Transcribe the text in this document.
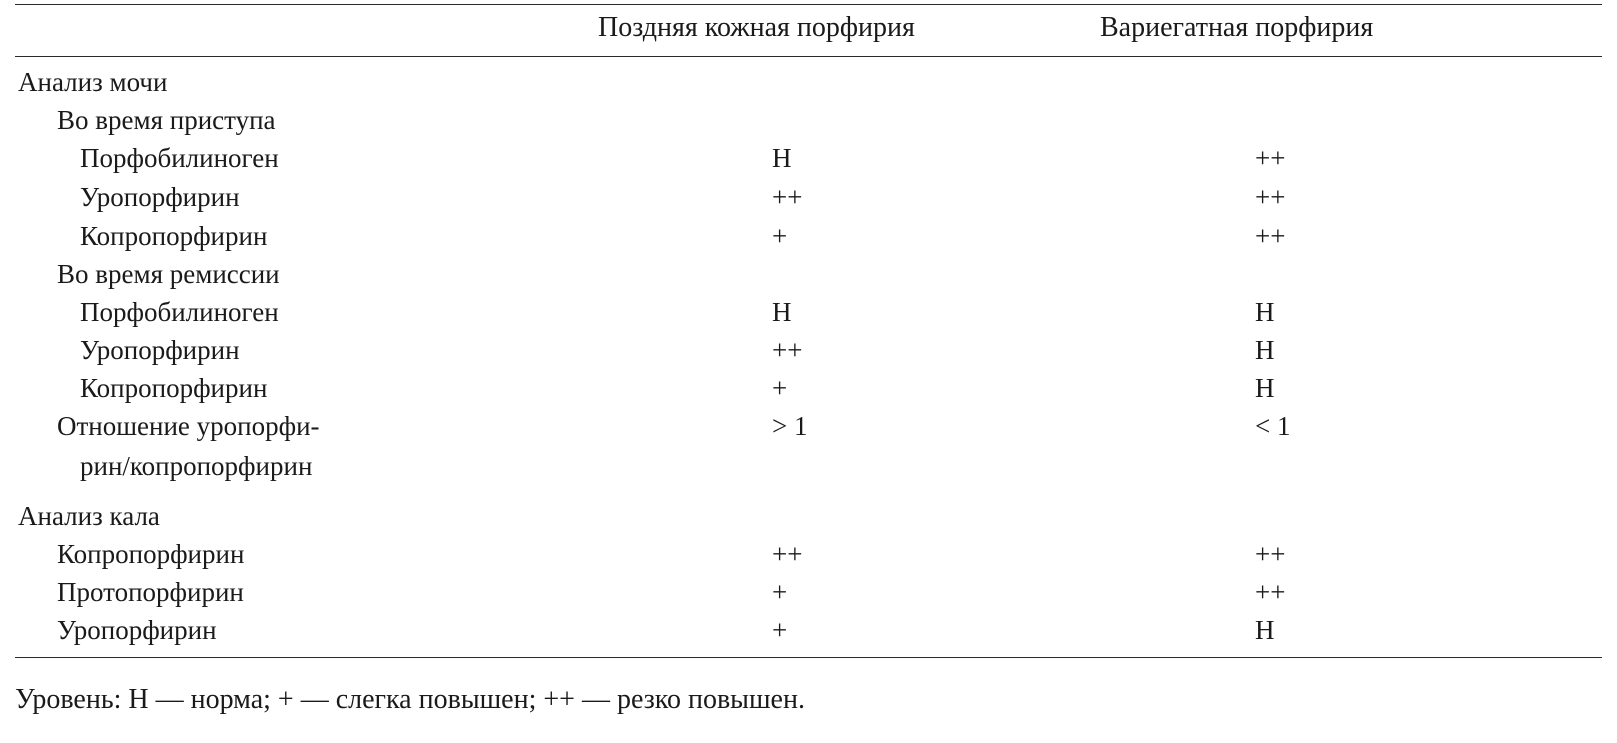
Поздняя кожная порфирия	Вариегатная порфирия
Анализ мочи
Во время приступа
Порфобилиноген	Н	++
Уропорфирин	++	++
Копропорфирин	+	++
Во время ремиссии
Порфобилиноген	Н	Н
Уропорфирин	++	Н
Копропорфирин	+	Н
Отношение уропорфи-	> 1	< 1
рин/копропорфирин
Анализ кала
Копропорфирин	++	++
Протопорфирин	+	++
Уропорфирин	+	Н
Уровень: Н — норма; + — слегка повышен; ++ — резко повышен.
